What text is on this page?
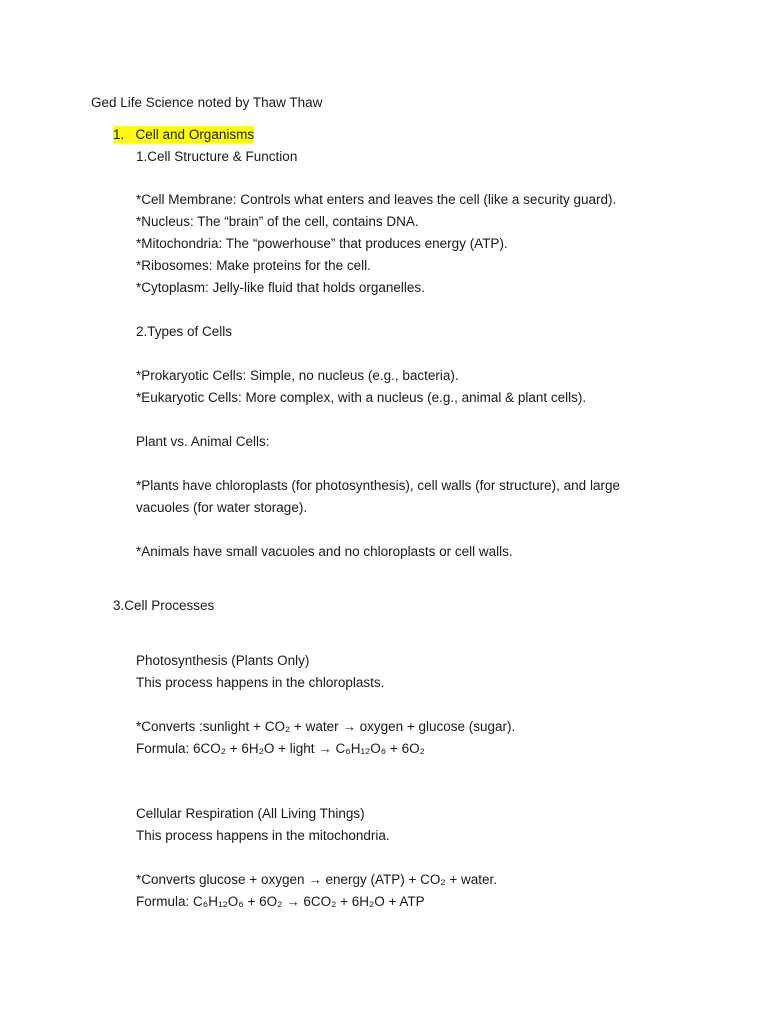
Ged Life Science noted by Thaw Thaw
1. Cell and Organisms
1.Cell Structure & Function
*Cell Membrane: Controls what enters and leaves the cell (like a security guard).
*Nucleus: The “brain” of the cell, contains DNA.
*Mitochondria: The “powerhouse” that produces energy (ATP).
*Ribosomes: Make proteins for the cell.
*Cytoplasm: Jelly-like fluid that holds organelles.
2.Types of Cells
*Prokaryotic Cells: Simple, no nucleus (e.g., bacteria).
*Eukaryotic Cells: More complex, with a nucleus (e.g., animal & plant cells).
Plant vs. Animal Cells:
*Plants have chloroplasts (for photosynthesis), cell walls (for structure), and large
vacuoles (for water storage).
*Animals have small vacuoles and no chloroplasts or cell walls.
3.Cell Processes
Photosynthesis (Plants Only)
This process happens in the chloroplasts.
*Converts :sunlight + CO₂ + water → oxygen + glucose (sugar).
Formula: 6CO₂ + 6H₂O + light → C₆H₁₂O₆ + 6O₂
Cellular Respiration (All Living Things)
This process happens in the mitochondria.
*Converts glucose + oxygen → energy (ATP) + CO₂ + water.
Formula: C₆H₁₂O₆ + 6O₂ → 6CO₂ + 6H₂O + ATP
